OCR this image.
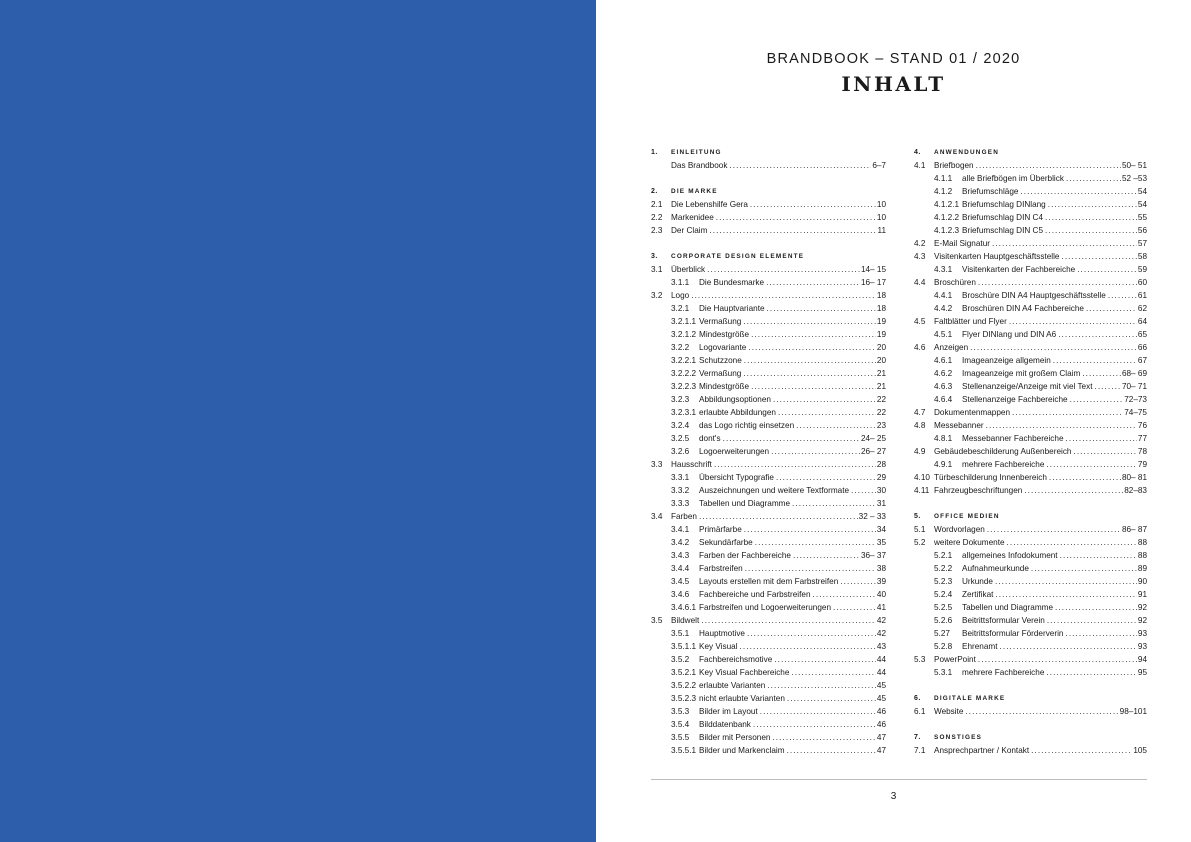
BRANDBOOK – STAND 01 / 2020
INHALT
1.	EINLEITUNG
Das Brandbook . . .	6–7
2.	DIE MARKE
2.1	Die Lebenshilfe Gera . . .	10
2.2	Markenidee . . .	10
2.3	Der Claim . . .	11
3.	CORPORATE DESIGN ELEMENTE
3.1	Überblick . . .	14– 15
3.1.1	Die Bundesmarke . . .	16– 17
3.2	Logo . . .	18
3.2.1	Die Hauptvariante . . .	18
3.2.1.1 Vermaßung . . .	19
3.2.1.2 Mindestgröße . . .	19
3.2.2	Logovariante . . .	20
3.2.2.1 Schutzzone . . .	20
3.2.2.2 Vermaßung . . .	21
3.2.2.3 Mindestgröße . . .	21
3.2.3	Abbildungsoptionen . . .	22
3.2.3.1 erlaubte Abbildungen . . .	22
3.2.4	das Logo richtig einsetzen . . .	23
3.2.5	dont's . . .	24– 25
3.2.6	Logoerweiterungen . . .	26– 27
3.3	Hausschrift . . .	28
3.3.1	Übersicht Typografie . . .	29
3.3.2	Auszeichnungen und weitere Textformate . . .	30
3.3.3	Tabellen und Diagramme . . .	31
3.4	Farben . . .	32 – 33
3.4.1	Primärfarbe . . .	34
3.4.2	Sekundärfarbe . . .	35
3.4.3	Farben der Fachbereiche . . .	36– 37
3.4.4	Farbstreifen . . .	38
3.4.5	Layouts erstellen mit dem Farbstreifen . . .	39
3.4.6	Fachbereiche und Farbstreifen . . .	40
3.4.6.1 Farbstreifen und Logoerweiterungen . . .	41
3.5	Bildwelt . . .	42
3.5.1	Hauptmotive . . .	42
3.5.1.1 Key Visual . . .	43
3.5.2	Fachbereichsmotive . . .	44
3.5.2.1 Key Visual Fachbereiche . . .	44
3.5.2.2 erlaubte Varianten . . .	45
3.5.2.3 nicht erlaubte Varianten . . .	45
3.5.3	Bilder im Layout . . .	46
3.5.4	Bilddatenbank . . .	46
3.5.5	Bilder mit Personen . . .	47
3.5.5.1 Bilder und Markenclaim . . .	47
4.	ANWENDUNGEN
4.1	Briefbogen . . .	50– 51
4.1.1	alle Briefbögen im Überblick . . .	52 –53
4.1.2	Briefumschläge . . .	54
4.1.2.1 Briefumschlag DINlang . . .	54
4.1.2.2 Briefumschlag DIN C4 . . .	55
4.1.2.3 Briefumschlag DIN C5 . . .	56
4.2	E-Mail Signatur . . .	57
4.3	Visitenkarten Hauptgeschäftsstelle . . .	58
4.3.1	Visitenkarten der Fachbereiche . . .	59
4.4	Broschüren . . .	60
4.4.1	Broschüre DIN A4 Hauptgeschäftsstelle . . .	61
4.4.2	Broschüren DIN A4 Fachbereiche . . .	62
4.5	Faltblätter und Flyer . . .	64
4.5.1	Flyer DINlang und DIN A6 . . .	65
4.6	Anzeigen . . .	66
4.6.1	Imageanzeige allgemein . . .	67
4.6.2	Imageanzeige mit großem Claim . . .	68– 69
4.6.3	Stellenanzeige/Anzeige mit viel Text . . .	70– 71
4.6.4	Stellenanzeige Fachbereiche . . .	72–73
4.7	Dokumentenmappen . . .	74–75
4.8	Messebanner . . .	76
4.8.1	Messebanner Fachbereiche . . .	77
4.9	Gebäudebeschilderung Außenbereich . . .	78
4.9.1	mehrere Fachbereiche . . .	79
4.10 Türbeschilderung Innenbereich . . .	80– 81
4.11 Fahrzeugbeschriftungen . . .	82–83
5.	OFFICE MEDIEN
5.1	Wordvorlagen . . .	86– 87
5.2	weitere Dokumente . . .	88
5.2.1	allgemeines Infodokument . . .	88
5.2.2	Aufnahmeurkunde . . .	89
5.2.3	Urkunde . . .	90
5.2.4	Zertifikat . . .	91
5.2.5	Tabellen und Diagramme . . .	92
5.2.6	Beitrittsformular Verein . . .	92
5.27	Beitrittsformular Förderverin . . .	93
5.2.8	Ehrenamt . . .	93
5.3	PowerPoint . . .	94
5.3.1	mehrere Fachbereiche . . .	95
6.	DIGITALE MARKE
6.1	Website . . .	98–101
7.	SONSTIGES
7.1	Ansprechpartner / Kontakt . . .	105
3
